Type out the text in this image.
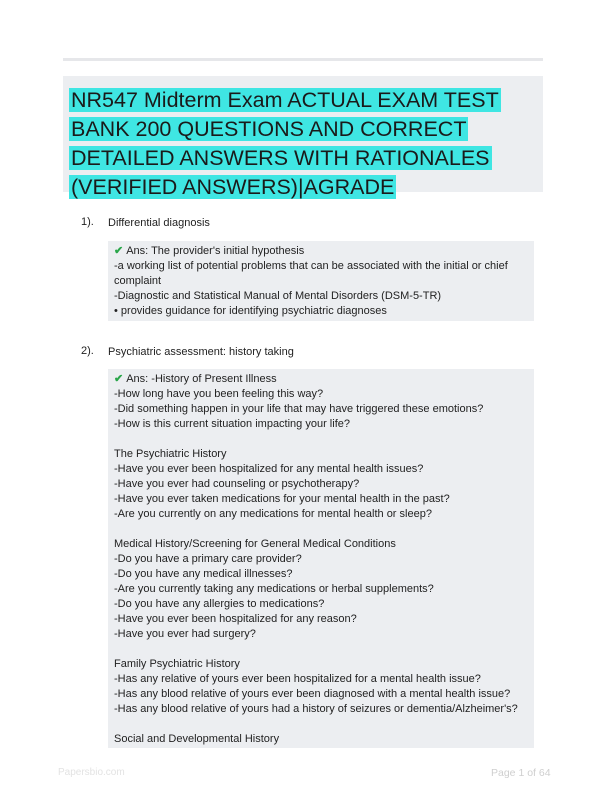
NR547 Midterm Exam ACTUAL EXAM TEST
BANK 200 QUESTIONS AND CORRECT
DETAILED ANSWERS WITH RATIONALES
(VERIFIED ANSWERS)|AGRADE
1). Differential diagnosis
✔ Ans: The provider's initial hypothesis
-a working list of potential problems that can be associated with the initial or chief
complaint
-Diagnostic and Statistical Manual of Mental Disorders (DSM-5-TR)
• provides guidance for identifying psychiatric diagnoses
2). Psychiatric assessment: history taking
✔ Ans: -History of Present Illness
-How long have you been feeling this way?
-Did something happen in your life that may have triggered these emotions?
-How is this current situation impacting your life?
The Psychiatric History
-Have you ever been hospitalized for any mental health issues?
-Have you ever had counseling or psychotherapy?
-Have you ever taken medications for your mental health in the past?
-Are you currently on any medications for mental health or sleep?
Medical History/Screening for General Medical Conditions
-Do you have a primary care provider?
-Do you have any medical illnesses?
-Are you currently taking any medications or herbal supplements?
-Do you have any allergies to medications?
-Have you ever been hospitalized for any reason?
-Have you ever had surgery?
Family Psychiatric History
-Has any relative of yours ever been hospitalized for a mental health issue?
-Has any blood relative of yours ever been diagnosed with a mental health issue?
-Has any blood relative of yours had a history of seizures or dementia/Alzheimer's?
Social and Developmental History
Papersbio.com	Page 1 of 64
